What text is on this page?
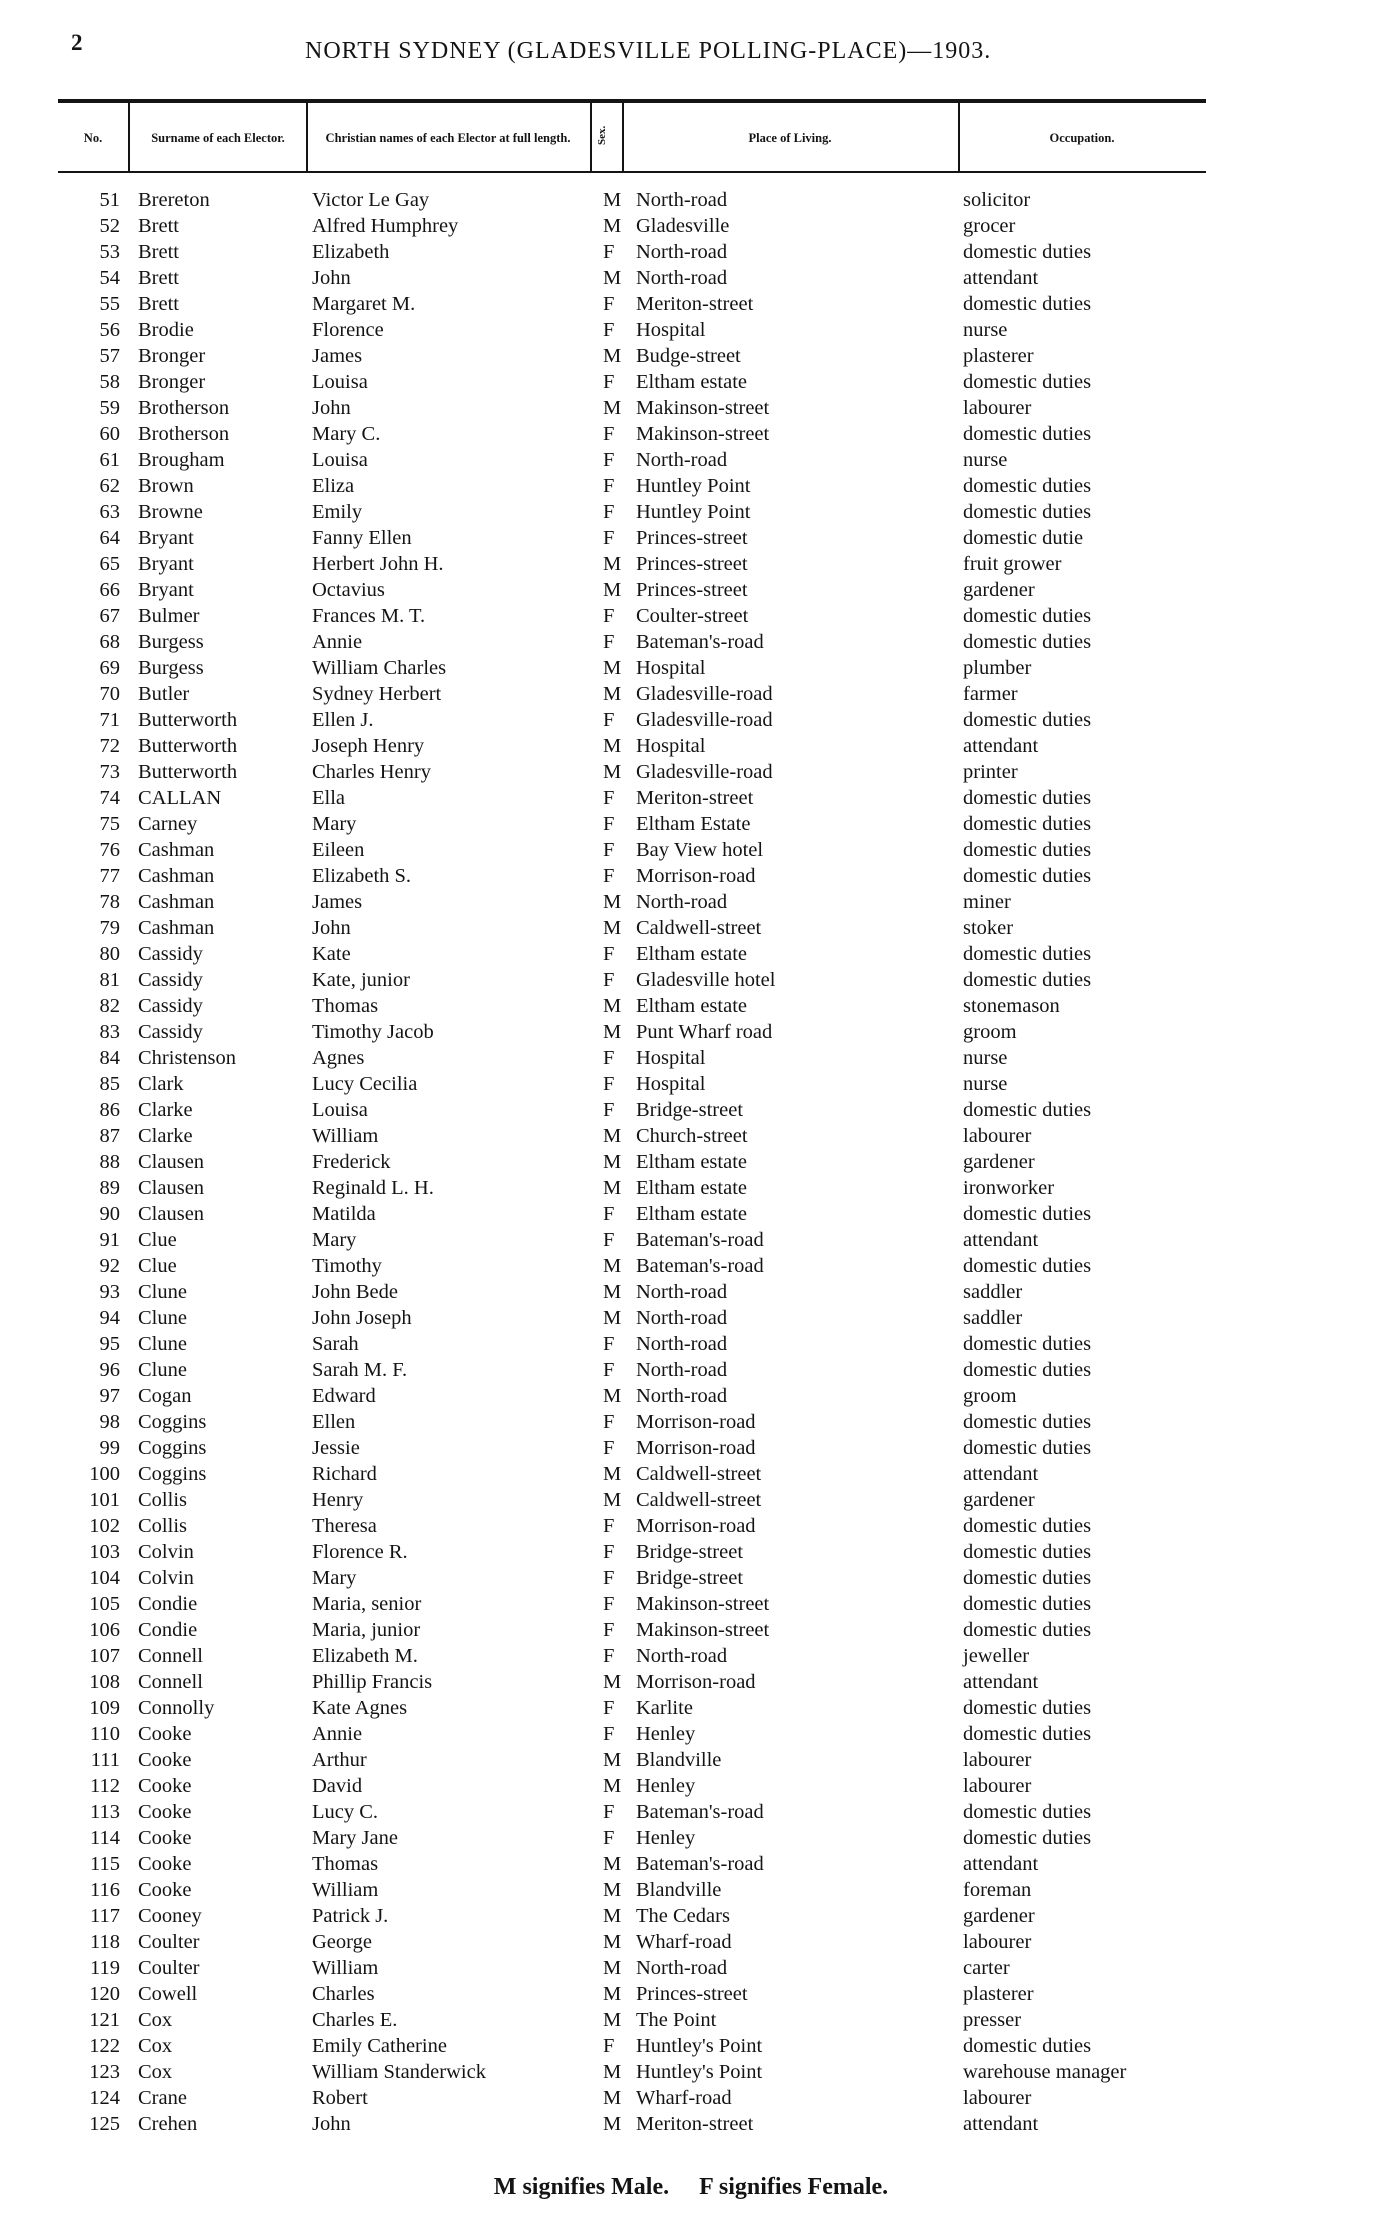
2	NORTH SYDNEY (GLADESVILLE POLLING-PLACE)—1903.
No.	Surname of each Elector.	Christian names of each Elector at full length.	Sex.	Place of Living.	Occupation.
51 Brereton	Victor Le Gay	M North-road	solicitor
52 Brett	Alfred Humphrey	M Gladesville	grocer
53 Brett	Elizabeth	F North-road	domestic duties
54 Brett	John	M North-road	attendant
55 Brett	Margaret M.	F Meriton-street	domestic duties
56 Brodie	Florence	F Hospital	nurse
57 Bronger	James	M Budge-street	plasterer
58 Bronger	Louisa	F Eltham estate	domestic duties
59 Brotherson	John	M Makinson-street	labourer
60 Brotherson	Mary C.	F Makinson-street	domestic duties
61 Brougham	Louisa	F North-road	nurse
62 Brown	Eliza	F Huntley Point	domestic duties
63 Browne	Emily	F Huntley Point	domestic duties
64 Bryant	Fanny Ellen	F Princes-street	domestic dutie
65 Bryant	Herbert John H.	M Princes-street	fruit grower
66 Bryant	Octavius	M Princes-street	gardener
67 Bulmer	Frances M. T.	F Coulter-street	domestic duties
68 Burgess	Annie	F Bateman's-road	domestic duties
69 Burgess	William Charles	M Hospital	plumber
70 Butler	Sydney Herbert	M Gladesville-road	farmer
71 Butterworth	Ellen J.	F Gladesville-road	domestic duties
72 Butterworth	Joseph Henry	M Hospital	attendant
73 Butterworth	Charles Henry	M Gladesville-road	printer
74 CALLAN	Ella	F Meriton-street	domestic duties
75 Carney	Mary	F Eltham Estate	domestic duties
76 Cashman	Eileen	F Bay View hotel	domestic duties
77 Cashman	Elizabeth S.	F Morrison-road	domestic duties
78 Cashman	James	M North-road	miner
79 Cashman	John	M Caldwell-street	stoker
80 Cassidy	Kate	F Eltham estate	domestic duties
81 Cassidy	Kate, junior	F Gladesville hotel	domestic duties
82 Cassidy	Thomas	M Eltham estate	stonemason
83 Cassidy	Timothy Jacob	M Punt Wharf road	groom
84 Christenson	Agnes	F Hospital	nurse
85 Clark	Lucy Cecilia	F Hospital	nurse
86 Clarke	Louisa	F Bridge-street	domestic duties
87 Clarke	William	M Church-street	labourer
88 Clausen	Frederick	M Eltham estate	gardener
89 Clausen	Reginald L. H.	M Eltham estate	ironworker
90 Clausen	Matilda	F Eltham estate	domestic duties
91 Clue	Mary	F Bateman's-road	attendant
92 Clue	Timothy	M Bateman's-road	domestic duties
93 Clune	John Bede	M North-road	saddler
94 Clune	John Joseph	M North-road	saddler
95 Clune	Sarah	F North-road	domestic duties
96 Clune	Sarah M. F.	F North-road	domestic duties
97 Cogan	Edward	M North-road	groom
98 Coggins	Ellen	F Morrison-road	domestic duties
99 Coggins	Jessie	F Morrison-road	domestic duties
100 Coggins	Richard	M Caldwell-street	attendant
101 Collis	Henry	M Caldwell-street	gardener
102 Collis	Theresa	F Morrison-road	domestic duties
103 Colvin	Florence R.	F Bridge-street	domestic duties
104 Colvin	Mary	F Bridge-street	domestic duties
105 Condie	Maria, senior	F Makinson-street	domestic duties
106 Condie	Maria, junior	F Makinson-street	domestic duties
107 Connell	Elizabeth M.	F North-road	jeweller
108 Connell	Phillip Francis	M Morrison-road	attendant
109 Connolly	Kate Agnes	F Karlite	domestic duties
110 Cooke	Annie	F Henley	domestic duties
111 Cooke	Arthur	M Blandville	labourer
112 Cooke	David	M Henley	labourer
113 Cooke	Lucy C.	F Bateman's-road	domestic duties
114 Cooke	Mary Jane	F Henley	domestic duties
115 Cooke	Thomas	M Bateman's-road	attendant
116 Cooke	William	M Blandville	foreman
117 Cooney	Patrick J.	M The Cedars	gardener
118 Coulter	George	M Wharf-road	labourer
119 Coulter	William	M North-road	carter
120 Cowell	Charles	M Princes-street	plasterer
121 Cox	Charles E.	M The Point	presser
122 Cox	Emily Catherine	F Huntley's Point	domestic duties
123 Cox	William Standerwick	M Huntley's Point	warehouse manager
124 Crane	Robert	M Wharf-road	labourer
125 Crehen	John	M Meriton-street	attendant
M signifies Male. F signifies Female.
